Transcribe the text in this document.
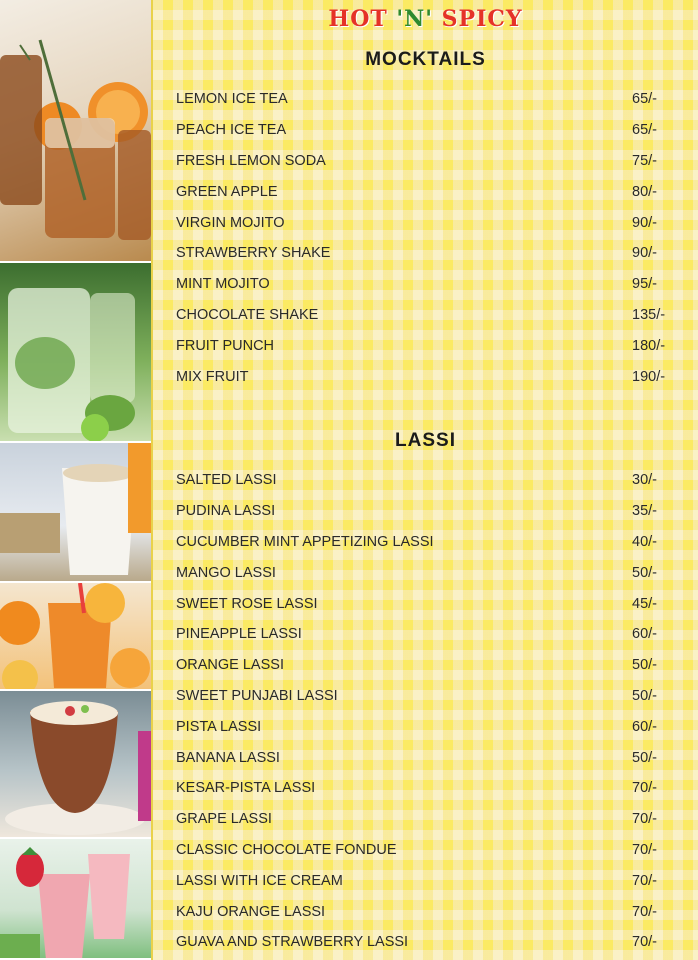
HOT 'N' SPICY
MOCKTAILS
LEMON ICE TEA	65/-
PEACH ICE TEA	65/-
FRESH LEMON SODA	75/-
GREEN APPLE	80/-
VIRGIN MOJITO	90/-
STRAWBERRY SHAKE	90/-
MINT MOJITO	95/-
CHOCOLATE SHAKE	135/-
FRUIT PUNCH	180/-
MIX FRUIT	190/-
LASSI
SALTED LASSI	30/-
PUDINA LASSI	35/-
CUCUMBER MINT APPETIZING LASSI	40/-
MANGO LASSI	50/-
SWEET ROSE LASSI	45/-
PINEAPPLE LASSI	60/-
ORANGE LASSI	50/-
SWEET PUNJABI LASSI	50/-
PISTA LASSI	60/-
BANANA LASSI	50/-
KESAR-PISTA LASSI	70/-
GRAPE LASSI	70/-
CLASSIC CHOCOLATE FONDUE	70/-
LASSI WITH ICE CREAM	70/-
KAJU ORANGE LASSI	70/-
GUAVA AND STRAWBERRY LASSI	70/-
